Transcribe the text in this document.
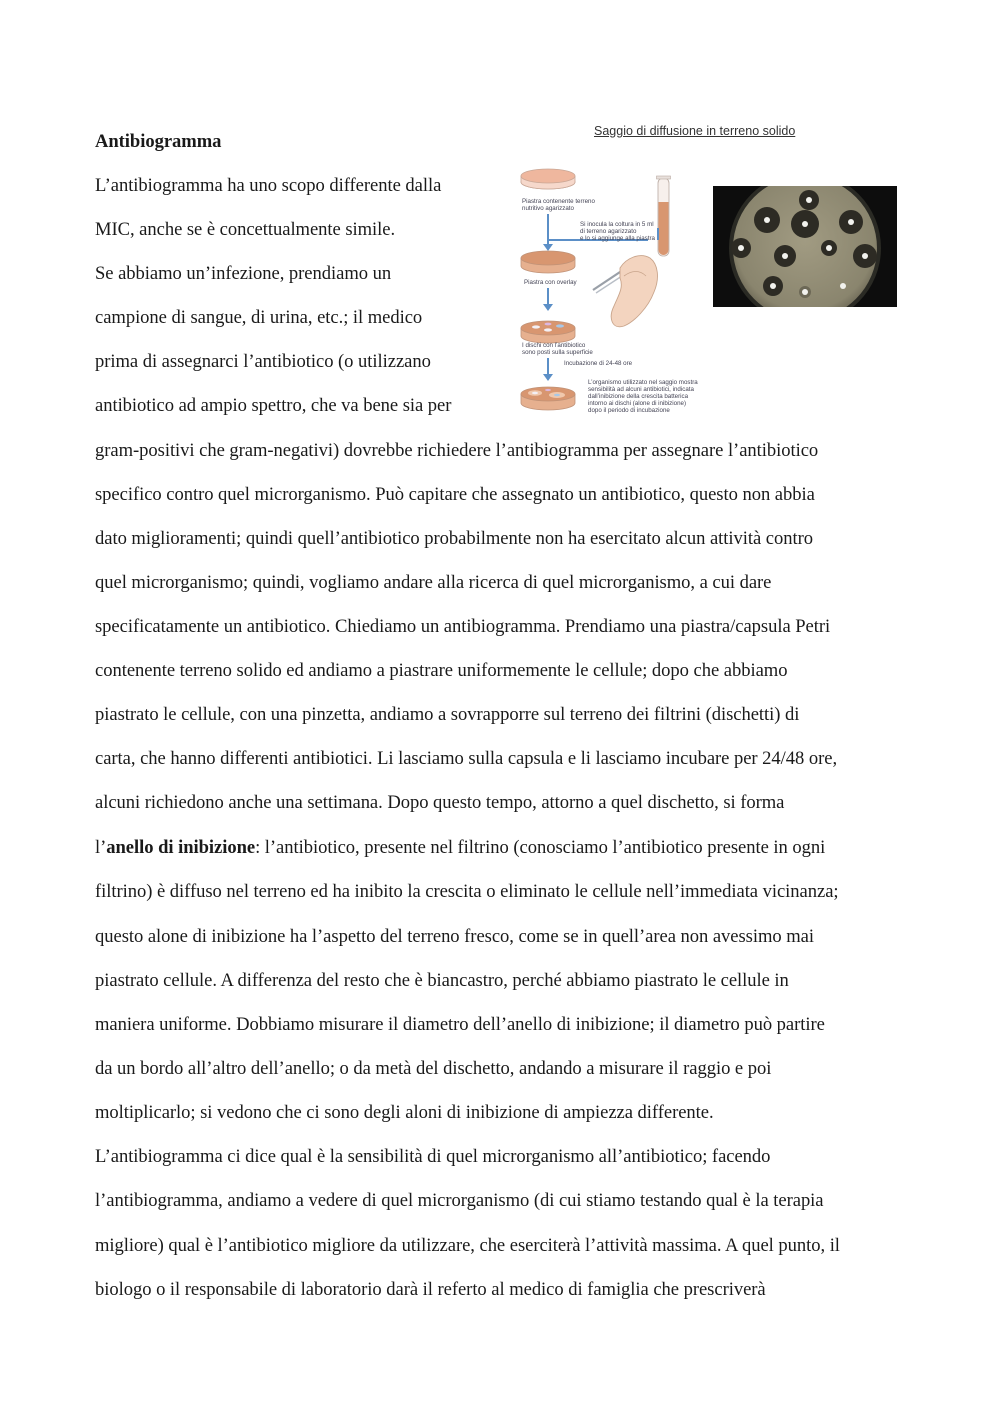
Antibiogramma
L’antibiogramma ha uno scopo differente dalla
MIC, anche se è concettualmente simile.
Se abbiamo un’infezione, prendiamo un
campione di sangue, di urina, etc.; il medico
prima di assegnarci l’antibiotico (o utilizzano
antibiotico ad ampio spettro, che va bene sia per
gram-positivi che gram-negativi) dovrebbe richiedere l’antibiogramma per assegnare l’antibiotico
specifico contro quel microrganismo. Può capitare che assegnato un antibiotico, questo non abbia
dato miglioramenti; quindi quell’antibiotico probabilmente non ha esercitato alcun attività contro
quel microrganismo; quindi, vogliamo andare alla ricerca di quel microrganismo, a cui dare
specificatamente un antibiotico. Chiediamo un antibiogramma. Prendiamo una piastra/capsula Petri
contenente terreno solido ed andiamo a piastrare uniformemente le cellule; dopo che abbiamo
piastrato le cellule, con una pinzetta, andiamo a sovrapporre sul terreno dei filtrini (dischetti) di
carta, che hanno differenti antibiotici. Li lasciamo sulla capsula e li lasciamo incubare per 24/48 ore,
alcuni richiedono anche una settimana. Dopo questo tempo, attorno a quel dischetto, si forma
l’anello di inibizione: l’antibiotico, presente nel filtrino (conosciamo l’antibiotico presente in ogni
filtrino) è diffuso nel terreno ed ha inibito la crescita o eliminato le cellule nell’immediata vicinanza;
questo alone di inibizione ha l’aspetto del terreno fresco, come se in quell’area non avessimo mai
piastrato cellule. A differenza del resto che è biancastro, perché abbiamo piastrato le cellule in
maniera uniforme. Dobbiamo misurare il diametro dell’anello di inibizione; il diametro può partire
da un bordo all’altro dell’anello; o da metà del dischetto, andando a misurare il raggio e poi
moltiplicarlo; si vedono che ci sono degli aloni di inibizione di ampiezza differente.
L’antibiogramma ci dice qual è la sensibilità di quel microrganismo all’antibiotico; facendo
l’antibiogramma, andiamo a vedere di quel microrganismo (di cui stiamo testando qual è la terapia
migliore) qual è l’antibiotico migliore da utilizzare, che eserciterà l’attività massima. A quel punto, il
biologo o il responsabile di laboratorio darà il referto al medico di famiglia che prescriverà
Saggio di diffusione in terreno solido
Piastra contenente terreno
nutritivo agarizzato
Si inocula la coltura in 5 ml
di terreno agarizzato
e lo si aggiunge alla piastra
Piastra con overlay
I dischi con l’antibiotico
sono posti sulla superficie
Incubazione di 24-48 ore
L’organismo utilizzato nel saggio mostra
sensibilità ad alcuni antibiotici, indicata
dall’inibizione della crescita batterica
intorno ai dischi (alone di inibizione)
dopo il periodo di incubazione
